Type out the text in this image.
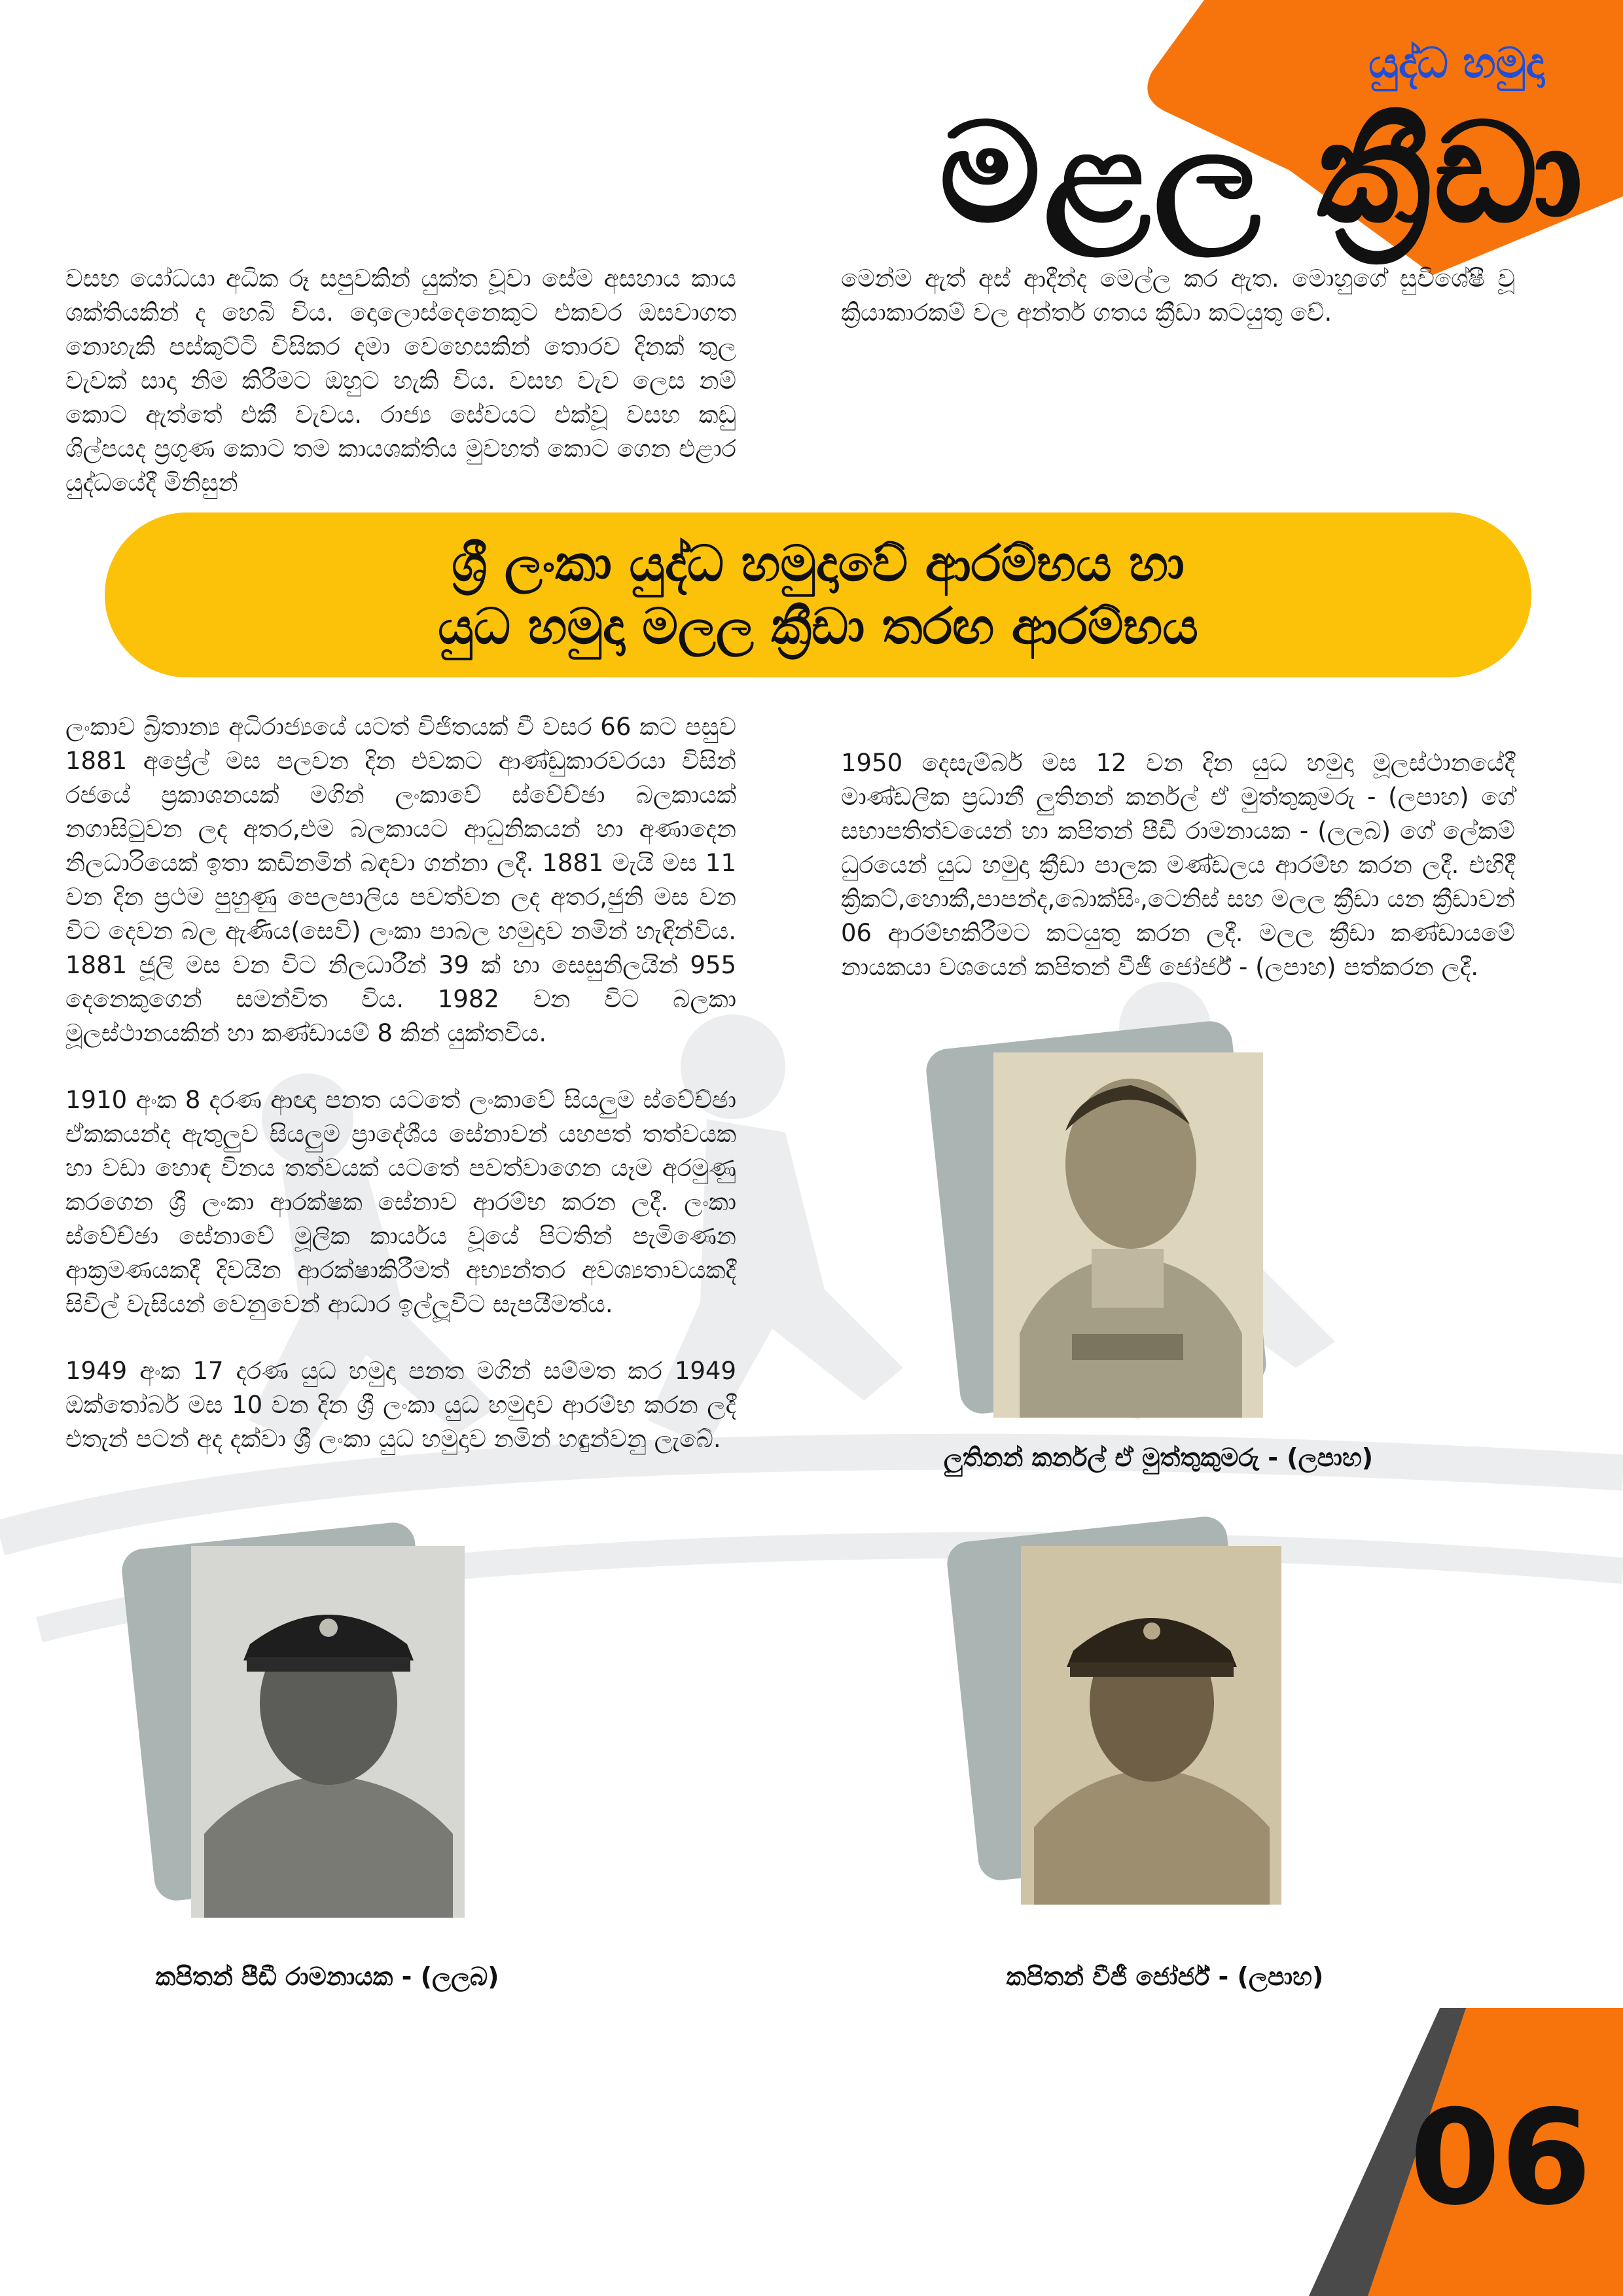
යුද්ධ හමුදා
මළල ක්‍රීඩා
වසභ යෝධයා අධික රූ සපුවකින් යුක්ත වූවා සේම අසහාය කාය ශක්තියකින් ද හෙබි විය. දොලොස්දෙනෙකුට එකවර ඔසවාගත නොහැකි පස්කුට්ටි විසිකර දමා වෙහෙසකින් තොරව දිනක් තුල වැවක් සාදා නිම කිරීමට ඔහුට හැකි විය. වසභ වැව ලෙස නම් කොට ඇත්තේ එකී වැවය. රාජ්‍ය සේවයට එක්වූ වසභ කඩු ශිල්පයද ප්‍රගුණ කොට තම කායශක්තිය මුවහත් කොට ගෙන එළාර යුද්ධයේදී මිනිසුන්
මෙන්ම ඇත් අස් ආදීන්ද මෙල්ල කර ඇත. මොහුගේ සුවිශේෂී වූ ක්‍රියාකාරකම් වල අන්තර් ගතය ක්‍රීඩා කටයුතු වේ.
ශ්‍රී ලංකා යුද්ධ හමුදාවේ ආරම්භය හා
යුධ හමුදා මලල ක්‍රීඩා තරඟ ආරම්භය

ලංකාව බ්‍රිතාන්‍ය අධිරාජ්‍යයේ යටත් විජිතයක් වී වසර 66 කට පසුව 1881 අප්‍රේල් මස පලවන දින එවකට ආණ්ඩුකාරවරයා විසින් රජයේ ප්‍රකාශනයක් මගින් ලංකාවේ ස්වේච්ඡා බලකායක් නගාසිටුවන ලද අතර,එම බලකායට ආධුනිකයන් හා අණාදෙන නිලධාරියෙක් ඉතා කඩිනමින් බඳවා ගන්නා ලදී. 1881 මැයි මස 11 වන දින ප්‍රථම පුහුණු පෙලපාලිය පවත්වන ලද අතර,ජුනි මස වන විට දෙවන බල ඇණිය(සෙවි) ලංකා පාබල හමුදාව නමින් හැඳින්විය. 1881 ජූලි මස වන විට නිලධාරීන් 39 ක් හා සෙසුනිලයින් 955 දෙනෙකුගෙන් සමන්විත විය. 1982 වන විට බලකා මූලස්ථානයකින් හා කණ්ඩායම් 8 කින් යුක්තවිය.

1910 අංක 8 දරණ ආඥා පනත යටතේ ලංකාවේ සියලුම ස්වේච්ඡා ඒකකයන්ද ඇතුලුව සියලුම ප්‍රාදේශීය සේනාවන් යහපත් තත්වයක හා වඩා හොඳ විනය තත්වයක් යටතේ පවත්වාගෙන යෑම අරමුණු කරගෙන ශ්‍රී ලංකා ආරක්ෂක සේනාව ආරම්භ කරන ලදී. ලංකා ස්වේච්ඡා සේනාවේ මූලික කාර්යය වූයේ පිටතින් පැමිණෙන ආක්‍රමණයකදී දිවයින ආරක්ෂාකිරීමත් අභ්‍යන්තර අවශ්‍යතාවයකදී සිවිල් වැසියන් වෙනුවෙන් ආධාර ඉල්ලූවිට සැපයීමත්ය.

1949 අංක 17 දරණ යුධ හමුදා පනත මගින් සම්මත කර 1949 ඔක්තෝබර් මස 10 වන දින ශ්‍රී ලංකා යුධ හමුදාව ආරම්භ කරන ලදී එතැන් පටන් අද දක්වා ශ්‍රී ලංකා යුධ හමුදාව නමින් හඳුන්වනු ලැබේ.

1950 දෙසැම්බර් මස 12 වන දින යුධ හමුදා මූලස්ථානයේදී මාණ්ඩලික ප්‍රධානී ලුතිනන් කර්නල් ඒ මුත්තුකුමරු - (ලපාහ) ගේ සභාපතිත්වයෙන් හා කපිතන් පීඩී රාමනායක - (ලලබ) ගේ ලේකම් ධුරයෙන් යුධ හමුදා ක්‍රීඩා පාලක මණ්ඩලය ආරම්භ කරන ලදී. එහිදී ක්‍රිකට්,හොකී,පාපන්ද,බොක්සිං,ටෙනිස් සහ මලල ක්‍රීඩා යන ක්‍රීඩාවන් 06 ආරම්භකිරීමට කටයුතු කරන ලදී. මලල ක්‍රීඩා කණ්ඩායමේ නායකයා වශයෙන් කපිතන් වීජී ජෝර්ජ් - (ලපාහ) පත්කරන ලදී.

ලුතිනන් කර්නල් ඒ මුත්තුකුමරු - (ලපාහ)
කපිතන් පීඩී රාමනායක - (ලලබ)	කපිතන් වීජී ජෝර්ජ් - (ලපාහ)
06
